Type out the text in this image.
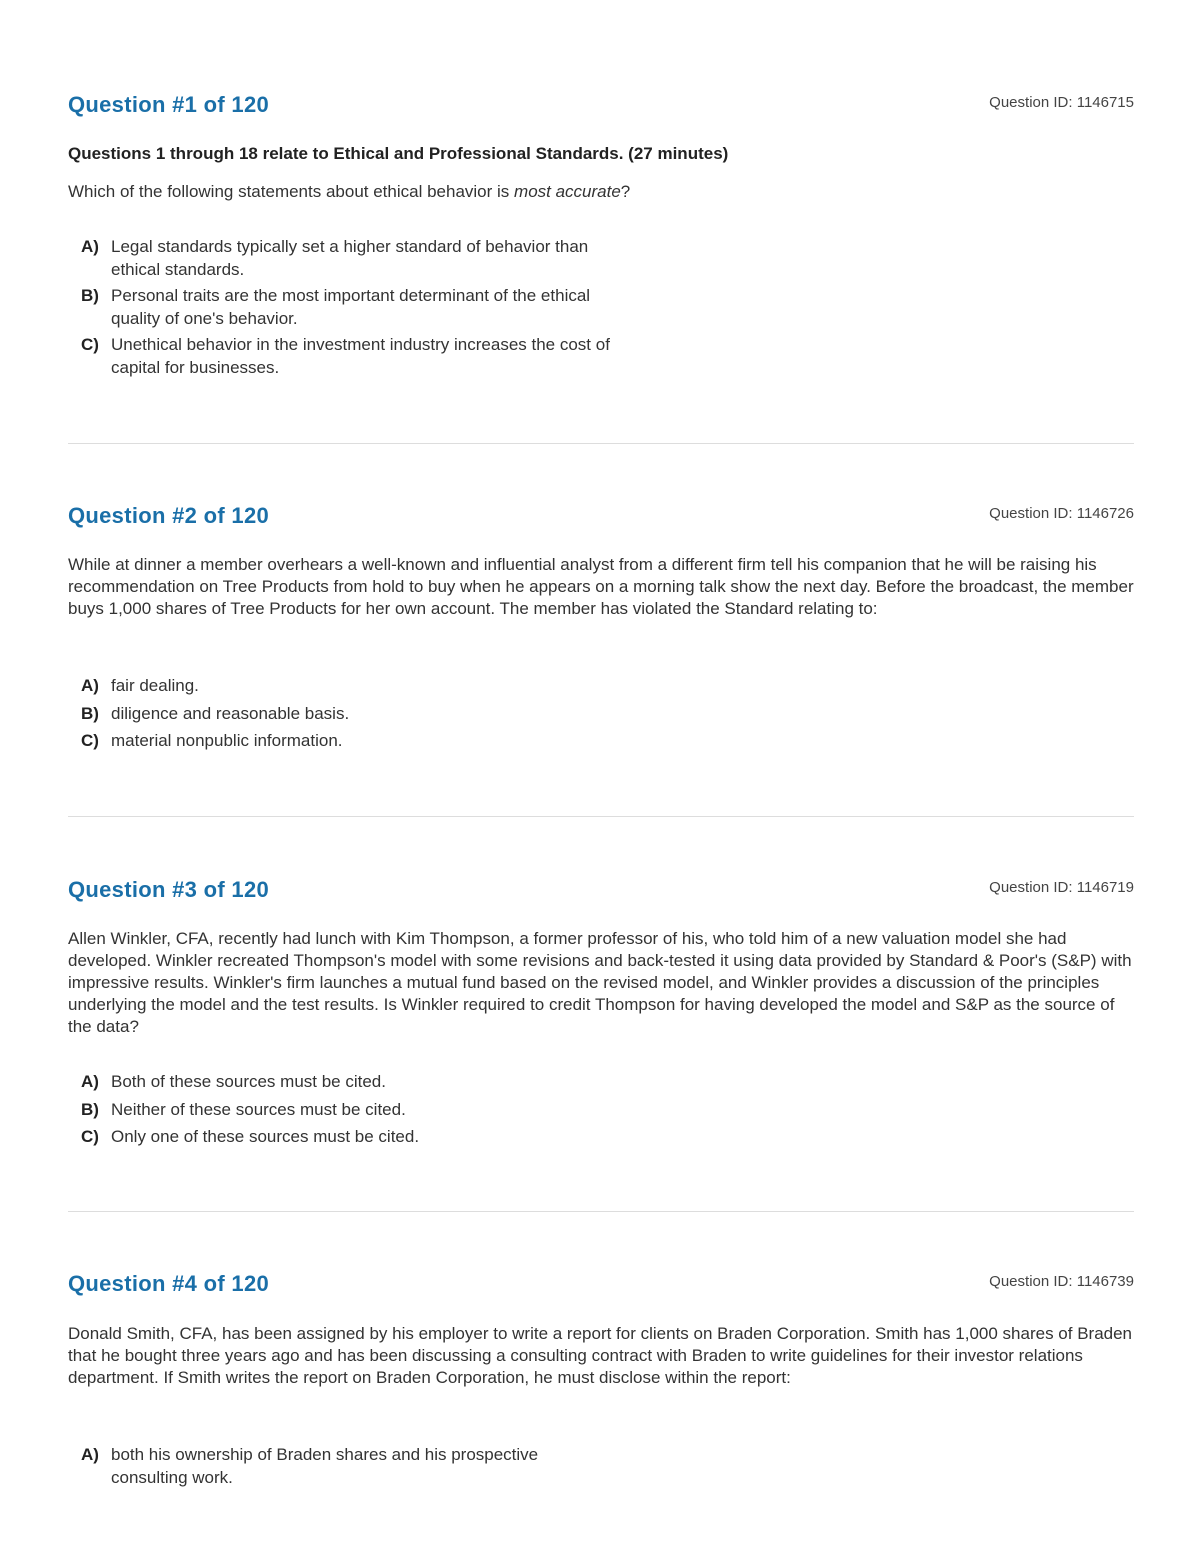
Question #1 of 120	Question ID: 1146715

Questions 1 through 18 relate to Ethical and Professional Standards. (27 minutes)

Which of the following statements about ethical behavior is most accurate?

A) Legal standards typically set a higher standard of behavior than ethical standards.
B) Personal traits are the most important determinant of the ethical quality of one's behavior.
C) Unethical behavior in the investment industry increases the cost of capital for businesses.
Question #2 of 120	Question ID: 1146726

While at dinner a member overhears a well-known and influential analyst from a different firm tell his companion that he will be raising his recommendation on Tree Products from hold to buy when he appears on a morning talk show the next day. Before the broadcast, the member buys 1,000 shares of Tree Products for her own account. The member has violated the Standard relating to:

A) fair dealing.
B) diligence and reasonable basis.
C) material nonpublic information.
Question #3 of 120	Question ID: 1146719

Allen Winkler, CFA, recently had lunch with Kim Thompson, a former professor of his, who told him of a new valuation model she had developed. Winkler recreated Thompson's model with some revisions and back-tested it using data provided by Standard & Poor's (S&P) with impressive results. Winkler's firm launches a mutual fund based on the revised model, and Winkler provides a discussion of the principles underlying the model and the test results. Is Winkler required to credit Thompson for having developed the model and S&P as the source of the data?

A) Both of these sources must be cited.
B) Neither of these sources must be cited.
C) Only one of these sources must be cited.
Question #4 of 120	Question ID: 1146739

Donald Smith, CFA, has been assigned by his employer to write a report for clients on Braden Corporation. Smith has 1,000 shares of Braden that he bought three years ago and has been discussing a consulting contract with Braden to write guidelines for their investor relations department. If Smith writes the report on Braden Corporation, he must disclose within the report:

A) both his ownership of Braden shares and his prospective consulting work.
